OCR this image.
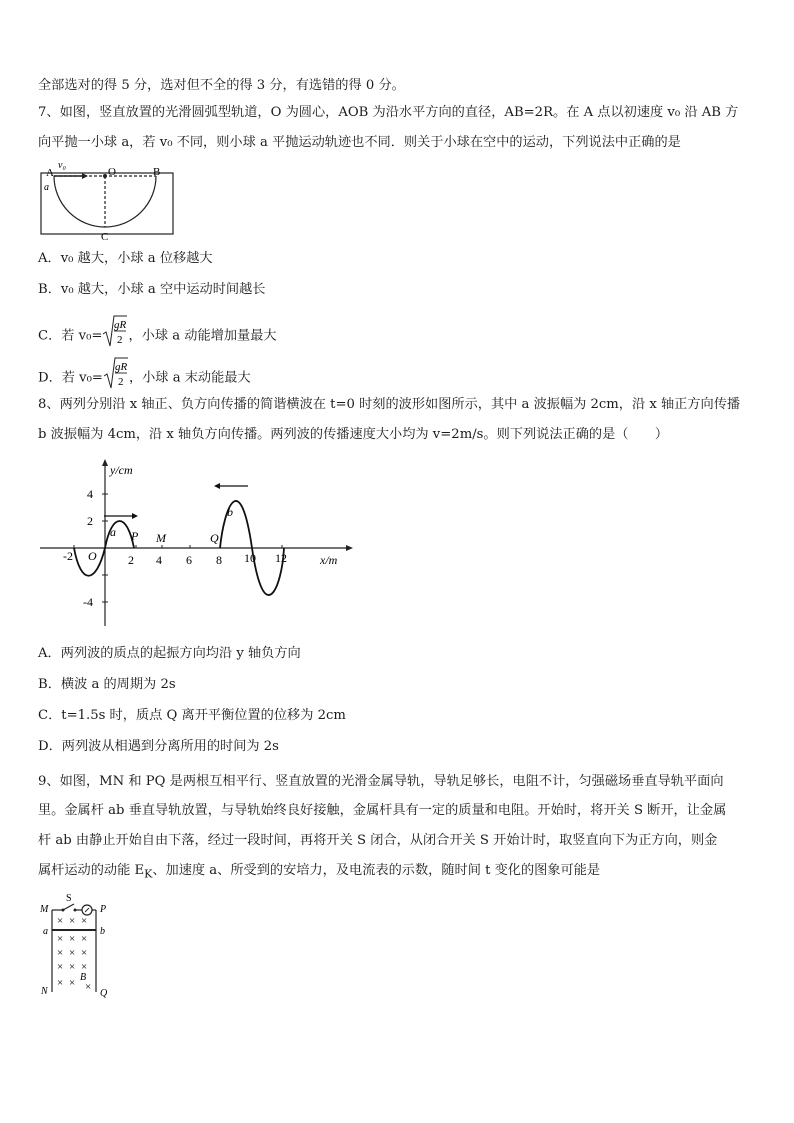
全部选对的得 5 分，选对但不全的得 3 分，有选错的得 0 分。
7、如图，竖直放置的光滑圆弧型轨道，O 为圆心，AOB 为沿水平方向的直径，AB=2R。在 A 点以初速度 v₀ 沿 AB 方
向平抛一小球 a，若 v₀ 不同，则小球 a 平抛运动轨迹也不同．则关于小球在空中的运动，下列说法中正确的是
v₀
A	O	B
C
a
A．v₀ 越大，小球 a 位移越大
B．v₀ 越大，小球 a 空中运动时间越长
C．若 v₀=
gR
2 ，小球 a 动能增加量最大
D．若 v₀=
gR
2 ，小球 a 末动能最大
8、两列分别沿 x 轴正、负方向传播的简谐横波在 t=0 时刻的波形如图所示，其中 a 波振幅为 2cm，沿 x 轴正方向传播
b 波振幅为 4cm，沿 x 轴负方向传播。两列波的传播速度大小均为 v=2m/s。则下列说法正确的是（　　）
4
2
-4
y/cm
-2 O	2 4 6 8 10 12	x/m
a
b
P M	Q
A．两列波的质点的起振方向均沿 y 轴负方向
B．横波 a 的周期为 2s
C．t=1.5s 时，质点 Q 离开平衡位置的位移为 2cm
D．两列波从相遇到分离所用的时间为 2s
9、如图，MN 和 PQ 是两根互相平行、竖直放置的光滑金属导轨，导轨足够长，电阻不计，匀强磁场垂直导轨平面向
里。金属杆 ab 垂直导轨放置，与导轨始终良好接触，金属杆具有一定的质量和电阻。开始时，将开关 S 断开，让金属
杆 ab 由静止开始自由下落，经过一段时间，再将开关 S 闭合，从闭合开关 S 开始计时，取竖直向下为正方向，则金
属杆运动的动能 $E_K$、加速度 a、所受到的安培力，及电流表的示数，随时间 t 变化的图象可能是
M	P
S
a	b
N	Q
B
× × ×
× × ×
× × ×
× × ×
× × ×
